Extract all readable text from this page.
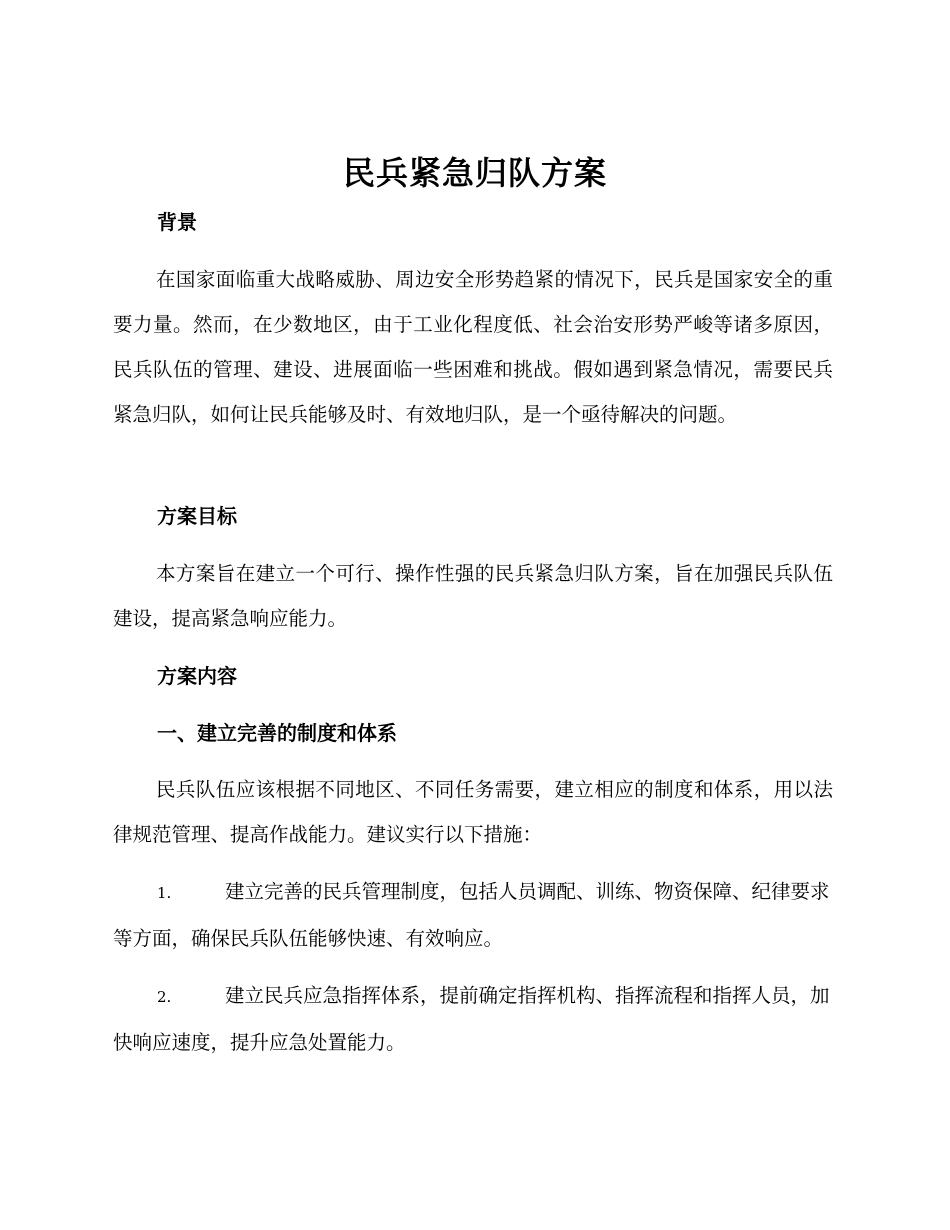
民兵紧急归队方案
背景
在国家面临重大战略威胁、周边安全形势趋紧的情况下，民兵是国家安全的重要力量。然而，在少数地区，由于工业化程度低、社会治安形势严峻等诸多原因，民兵队伍的管理、建设、进展面临一些困难和挑战。假如遇到紧急情况，需要民兵紧急归队，如何让民兵能够及时、有效地归队，是一个亟待解决的问题。
方案目标
本方案旨在建立一个可行、操作性强的民兵紧急归队方案，旨在加强民兵队伍建设，提高紧急响应能力。
方案内容
一、建立完善的制度和体系
民兵队伍应该根据不同地区、不同任务需要，建立相应的制度和体系，用以法律规范管理、提高作战能力。建议实行以下措施：
1.	建立完善的民兵管理制度，包括人员调配、训练、物资保障、纪律要求等方面，确保民兵队伍能够快速、有效响应。
2.	建立民兵应急指挥体系，提前确定指挥机构、指挥流程和指挥人员，加快响应速度，提升应急处置能力。
